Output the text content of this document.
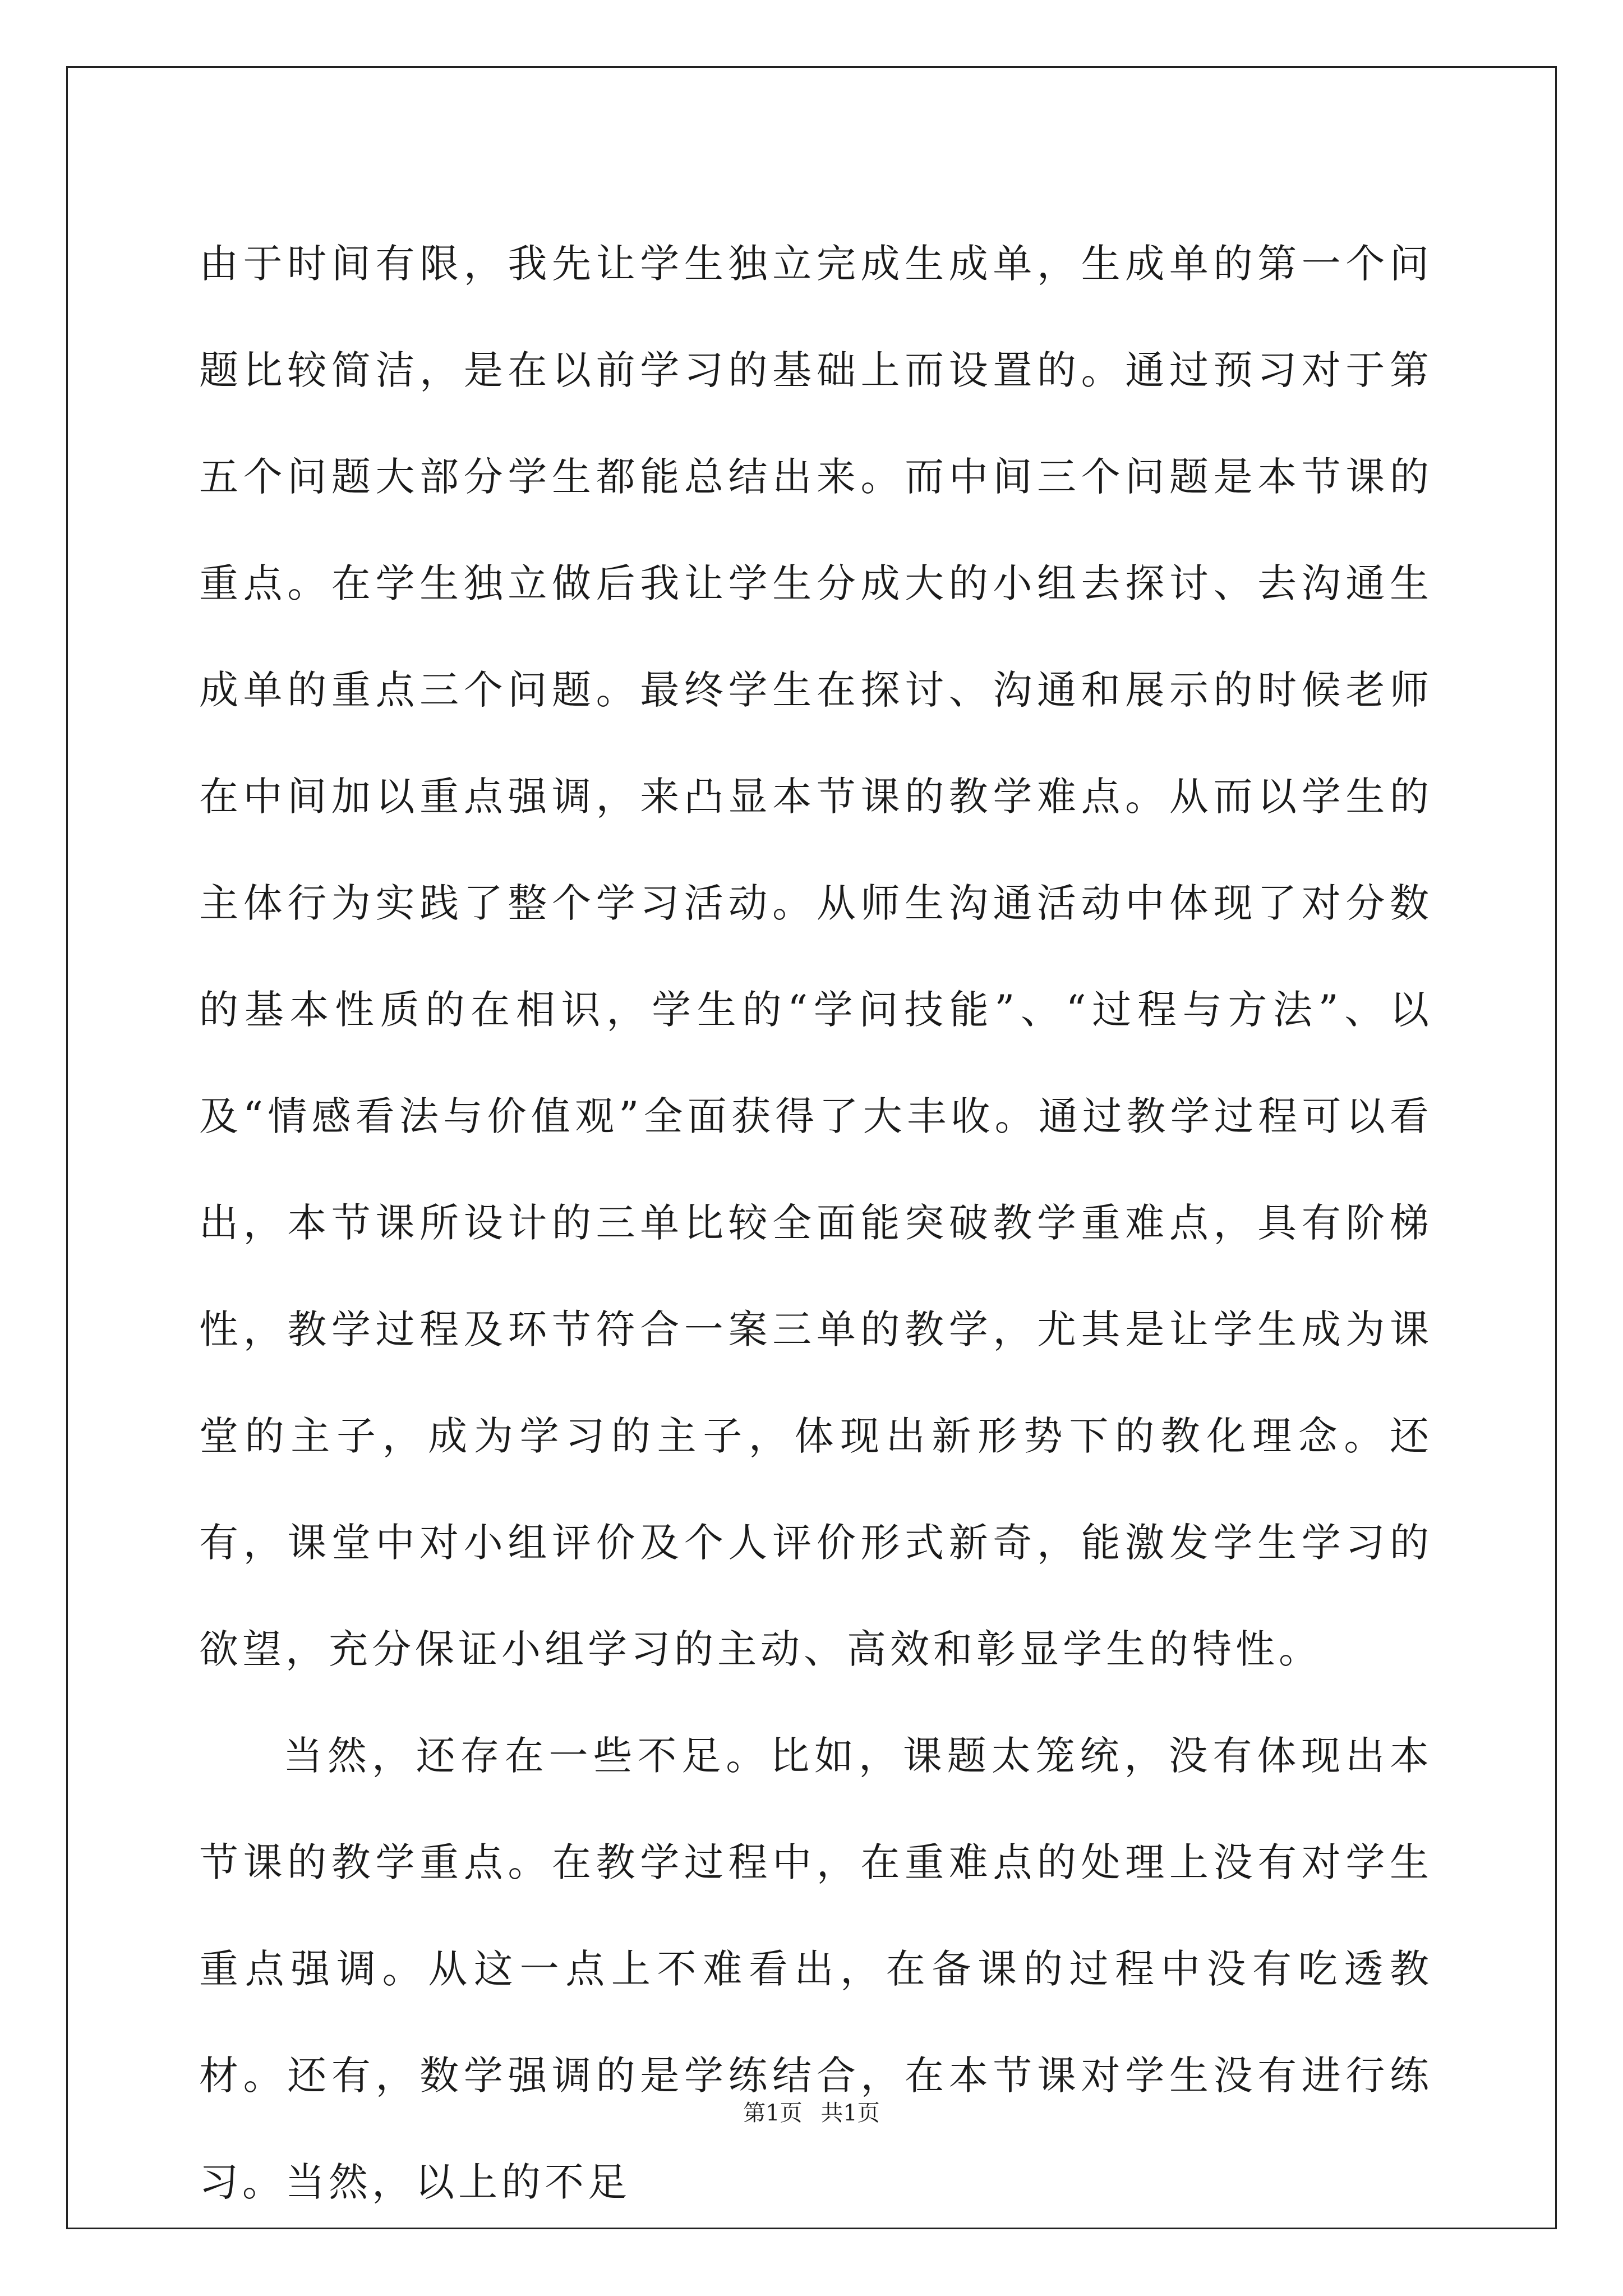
由于时间有限，我先让学生独立完成生成单，生成单的第一个问题比较简洁，是在以前学习的基础上而设置的。通过预习对于第五个问题大部分学生都能总结出来。而中间三个问题是本节课的重点。在学生独立做后我让学生分成大的小组去探讨、去沟通生成单的重点三个问题。最终学生在探讨、沟通和展示的时候老师在中间加以重点强调，来凸显本节课的教学难点。从而以学生的主体行为实践了整个学习活动。从师生沟通活动中体现了对分数的基本性质的在相识，学生的“学问技能”、“过程与方法”、以及“情感看法与价值观”全面获得了大丰收。通过教学过程可以看出，本节课所设计的三单比较全面能突破教学重难点，具有阶梯性，教学过程及环节符合一案三单的教学，尤其是让学生成为课堂的主子，成为学习的主子，体现出新形势下的教化理念。还有，课堂中对小组评价及个人评价形式新奇，能激发学生学习的欲望，充分保证小组学习的主动、高效和彰显学生的特性。

当然，还存在一些不足。比如，课题太笼统，没有体现出本节课的教学重点。在教学过程中，在重难点的处理上没有对学生重点强调。从这一点上不难看出，在备课的过程中没有吃透教材。还有，数学强调的是学练结合，在本节课对学生没有进行练习。当然，以上的不足

第1页 共1页
